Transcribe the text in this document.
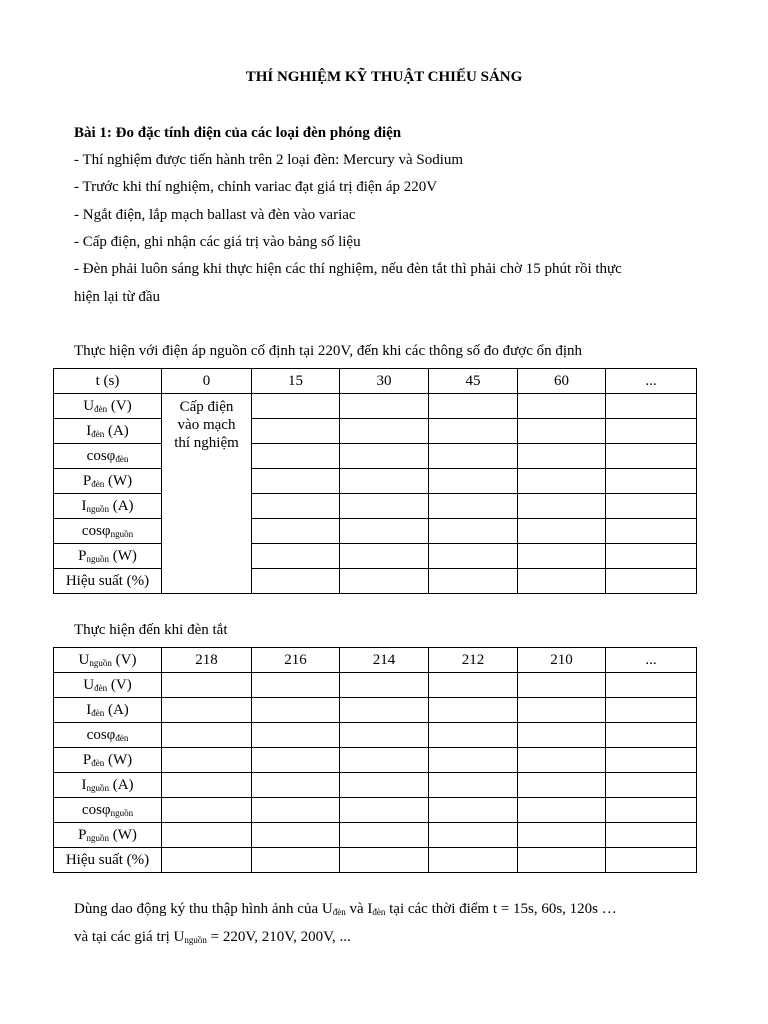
THÍ NGHIỆM KỸ THUẬT CHIẾU SÁNG
Bài 1: Đo đặc tính điện của các loại đèn phóng điện
- Thí nghiệm được tiến hành trên 2 loại đèn: Mercury và Sodium
- Trước khi thí nghiệm, chỉnh variac đạt giá trị điện áp 220V
- Ngắt điện, lắp mạch ballast và đèn vào variac
- Cấp điện, ghi nhận các giá trị vào bảng số liệu
- Đèn phải luôn sáng khi thực hiện các thí nghiệm, nếu đèn tắt thì phải chờ 15 phút rồi thực
hiện lại từ đầu
Thực hiện với điện áp nguồn cố định tại 220V, đến khi các thông số đo được ổn định
t (s)	0	15	30	45	60	...
$U_{đèn}$ (V)	Cấp điện
vào mạch
thí nghiệm					

$I_{đèn}$ (A)						
cosφ$_{đèn}$					
$P_{đèn}$ (W)						
$I_{nguồn}$ (A)						
cosφ$_{nguồn}$					
$P_{nguồn}$ (W)						
Hiệu suất (%)						
Thực hiện đến khi đèn tắt
$U_{nguồn}$ (V)	218	216	214	212	210	...
$U_{đèn}$ (V)						
$I_{đèn}$ (A)						
cosφ$_{đèn}$						
$P_{đèn}$ (W)						
$I_{nguồn}$ (A)						
cosφ$_{nguồn}$						
$P_{nguồn}$ (W)						
Hiệu suất (%)						
Dùng dao động ký thu thập hình ảnh của $U_{đèn}$ và $I_{đèn}$ tại các thời điểm t = 15s, 60s, 120s …
và tại các giá trị $U_{nguồn} = 220V$, 210V, 200V, ...
